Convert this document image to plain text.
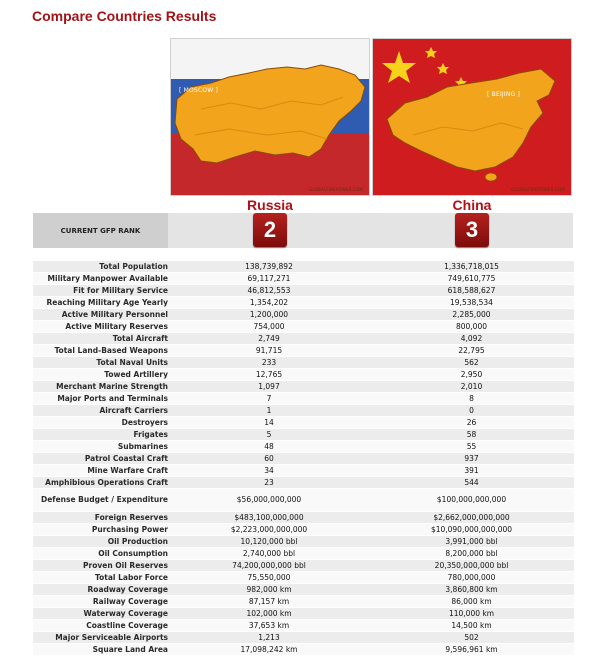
Compare Countries Results
[ MOSCOW ]
GLOBALFIREPOWER.COM
[ BEIJING ]
GLOBALFIREPOWER.COM
Russia	China
CURRENT GFP RANK	2	3
Total Population	138,739,892	1,336,718,015
Military Manpower Available	69,117,271	749,610,775
Fit for Military Service	46,812,553	618,588,627
Reaching Military Age Yearly	1,354,202	19,538,534
Active Military Personnel	1,200,000	2,285,000
Active Military Reserves	754,000	800,000
Total Aircraft	2,749	4,092
Total Land-Based Weapons	91,715	22,795
Total Naval Units	233	562
Towed Artillery	12,765	2,950
Merchant Marine Strength	1,097	2,010
Major Ports and Terminals	7	8
Aircraft Carriers	1	0
Destroyers	14	26
Frigates	5	58
Submarines	48	55
Patrol Coastal Craft	60	937
Mine Warfare Craft	34	391
Amphibious Operations Craft	23	544
Defense Budget / Expenditure	$56,000,000,000	$100,000,000,000
Foreign Reserves	$483,100,000,000	$2,662,000,000,000
Purchasing Power	$2,223,000,000,000	$10,090,000,000,000
Oil Production	10,120,000 bbl	3,991,000 bbl
Oil Consumption	2,740,000 bbl	8,200,000 bbl
Proven Oil Reserves	74,200,000,000 bbl	20,350,000,000 bbl
Total Labor Force	75,550,000	780,000,000
Roadway Coverage	982,000 km	3,860,800 km
Railway Coverage	87,157 km	86,000 km
Waterway Coverage	102,000 km	110,000 km
Coastline Coverage	37,653 km	14,500 km
Major Serviceable Airports	1,213	502
Square Land Area	17,098,242 km	9,596,961 km
